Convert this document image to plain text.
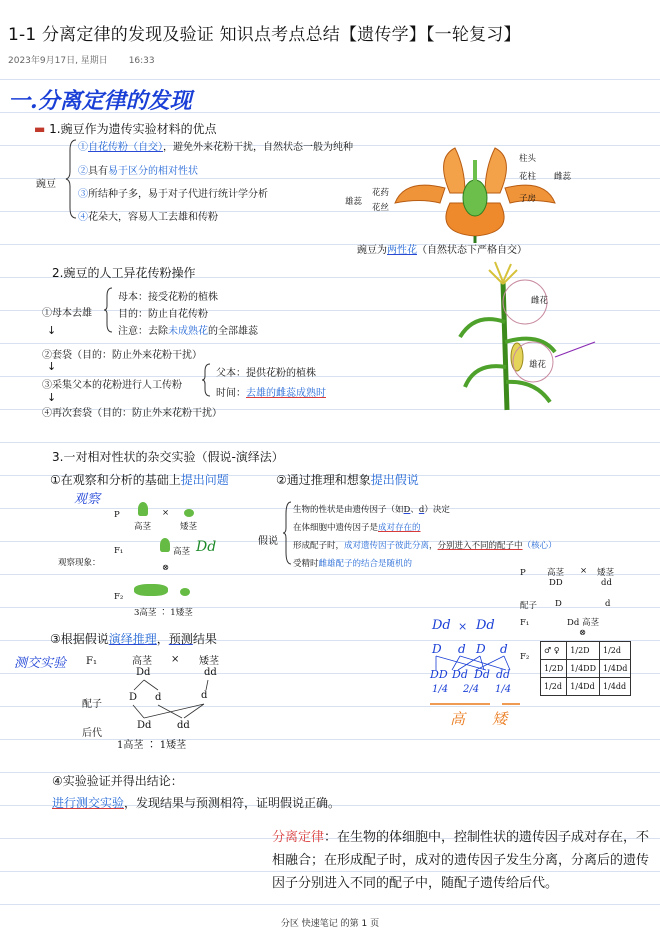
1-1 分离定律的发现及验证 知识点考点总结【遗传学】【一轮复习】
2023年9月17日, 星期日 16:33
一.分离定律的发现
▬ 1.豌豆作为遗传实验材料的优点
豌豆
①自花传粉（自交），避免外来花粉干扰，自然状态一般为纯种
②具有易于区分的相对性状
③所结种子多，易于对子代进行统计学分析
④花朵大，容易人工去雄和传粉
柱头
花柱
子房
雌蕊
雄蕊
花药
花丝
豌豆为两性花（自然状态下严格自交）
2.豌豆的人工异花传粉操作
①母本去雄
母本：接受花粉的植株
目的：防止自花传粉
注意：去除未成熟花的全部雄蕊
↓
②套袋（目的：防止外来花粉干扰）
↓
③采集父本的花粉进行人工传粉
父本：提供花粉的植株
时间：去雄的雌蕊成熟时
↓
④再次套袋（目的：防止外来花粉干扰）
雌花
雄花
3.一对相对性状的杂交实验（假说-演绎法）
①在观察和分析的基础上提出问题
观察
②通过推理和想象提出假说
P
高茎
×
矮茎
F₁	高茎 Dd
观察现象：	⊗
F₂
3高茎 ∶ 1矮茎
假说
生物的性状是由遗传因子（如D、d）决定
在体细胞中遗传因子是成对存在的
形成配子时，成对遗传因子彼此分离，分别进入不同的配子中（核心）
受精时雌雄配子的结合是随机的
P	高茎 × 矮茎
DD	dd
配子 D	d
F₁	Dd 高茎
⊗
F₂
♂ ♀	1/2D	1/2d
1/2D	1/4DD	1/4Dd
1/2d	1/4Dd	1/4dd
③根据假说演绎推理，预测结果
测交实验 F₁	高茎 × 矮茎
Dd	dd
配子
D d	d
后代
Dd	dd
1高茎 ∶ 1矮茎
Dd × Dd
D d D d
DD Dd Dd dd
1/4 2/4 1/4
高 矮
④实验验证并得出结论：
进行测交实验，发现结果与预测相符，证明假说正确。
分离定律：在生物的体细胞中，控制性状的遗传因子成对存在，不相融合；在形成配子时，成对的遗传因子发生分离，分离后的遗传因子分别进入不同的配子中，随配子遗传给后代。
分区 快速笔记 的第 1 页
